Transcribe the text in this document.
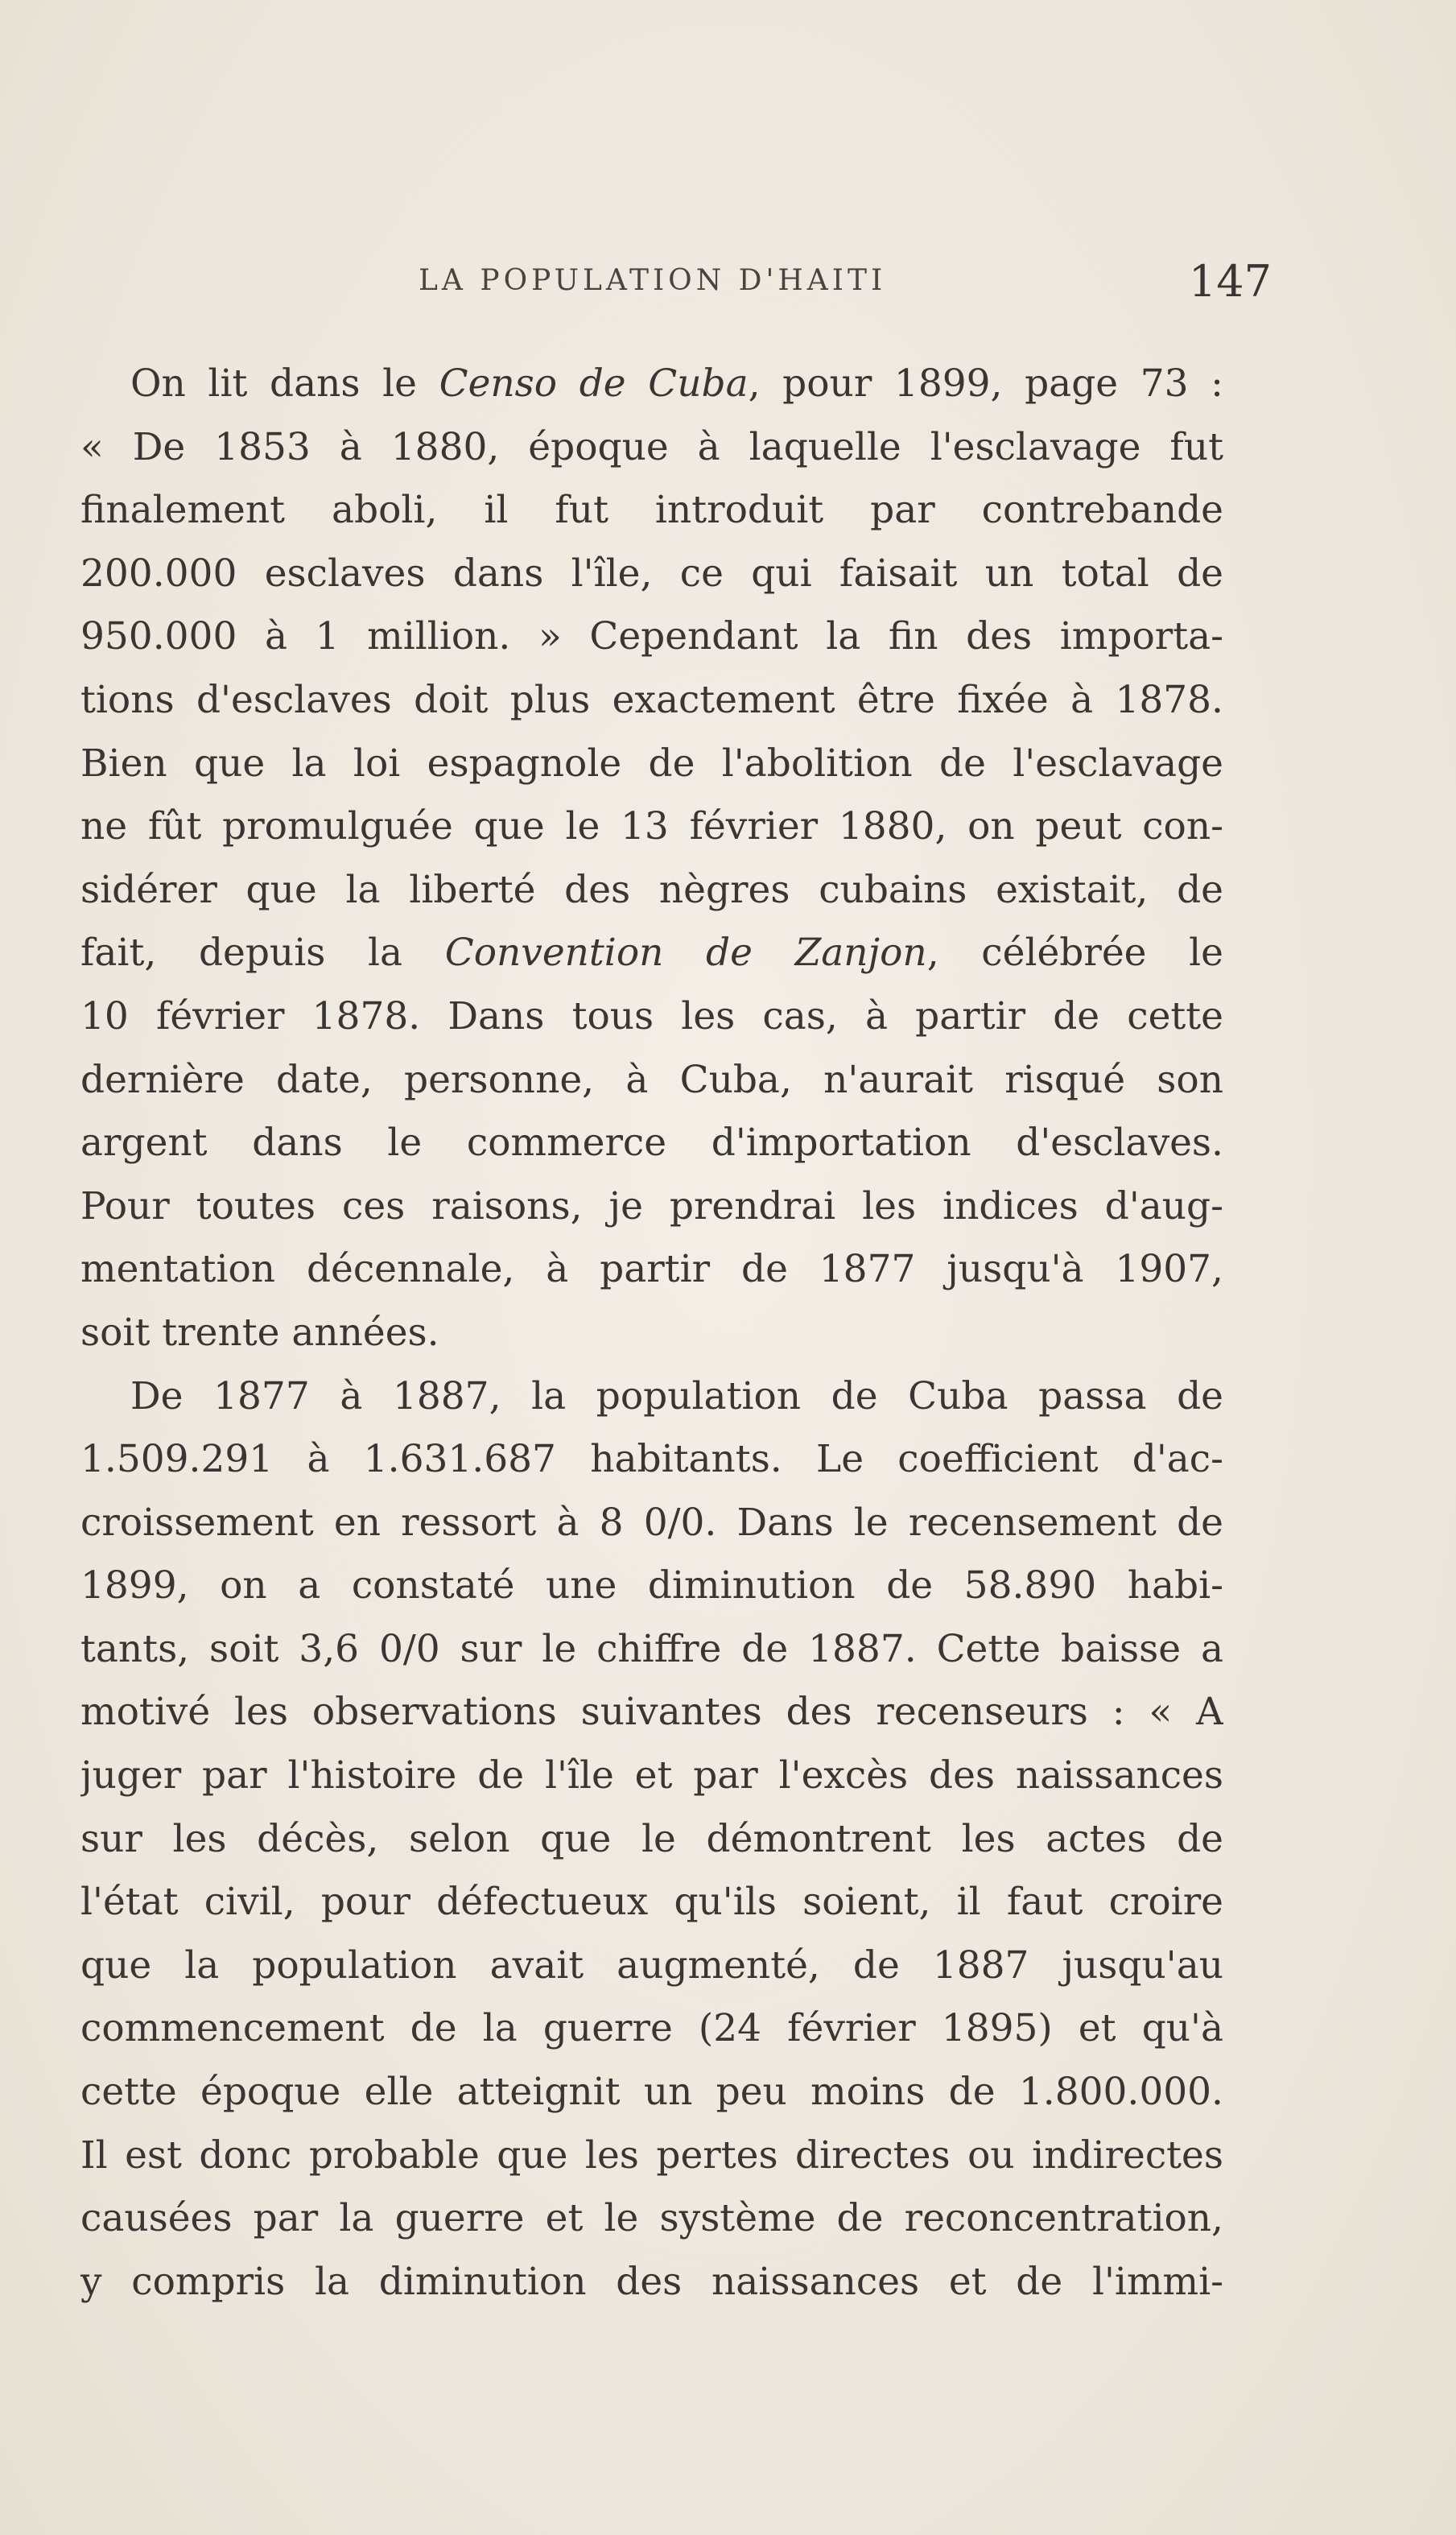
LA POPULATION D'HAITI	147
On lit dans le Censo de Cuba, pour 1899, page 73 :
« De 1853 à 1880, époque à laquelle l'esclavage fut
finalement aboli, il fut introduit par contrebande
200.000 esclaves dans l'île, ce qui faisait un total de
950.000 à 1 million. » Cependant la fin des importa-
tions d'esclaves doit plus exactement être fixée à 1878.
Bien que la loi espagnole de l'abolition de l'esclavage
ne fût promulguée que le 13 février 1880, on peut con-
sidérer que la liberté des nègres cubains existait, de
fait, depuis la Convention de Zanjon, célébrée le
10 février 1878. Dans tous les cas, à partir de cette
dernière date, personne, à Cuba, n'aurait risqué son
argent dans le commerce d'importation d'esclaves.
Pour toutes ces raisons, je prendrai les indices d'aug-
mentation décennale, à partir de 1877 jusqu'à 1907,
soit trente années.
De 1877 à 1887, la population de Cuba passa de
1.509.291 à 1.631.687 habitants. Le coefficient d'ac-
croissement en ressort à 8 0/0. Dans le recensement de
1899, on a constaté une diminution de 58.890 habi-
tants, soit 3,6 0/0 sur le chiffre de 1887. Cette baisse a
motivé les observations suivantes des recenseurs : « A
juger par l'histoire de l'île et par l'excès des naissances
sur les décès, selon que le démontrent les actes de
l'état civil, pour défectueux qu'ils soient, il faut croire
que la population avait augmenté, de 1887 jusqu'au
commencement de la guerre (24 février 1895) et qu'à
cette époque elle atteignit un peu moins de 1.800.000.
Il est donc probable que les pertes directes ou indirectes
causées par la guerre et le système de reconcentration,
y compris la diminution des naissances et de l'immi-
